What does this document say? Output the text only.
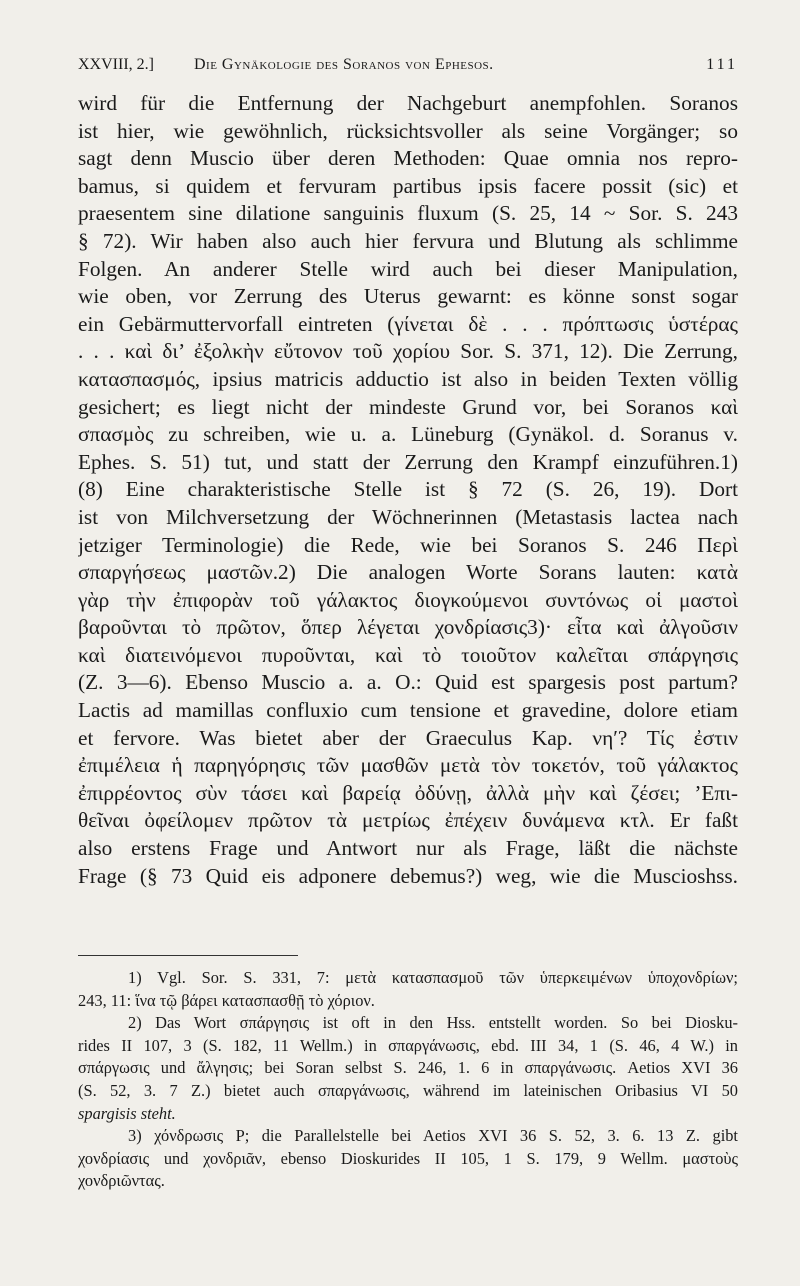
XXVIII, 2.]	Die Gynäkologie des Soranos von Ephesos.	111
wird für die Entfernung der Nachgeburt anempfohlen. Soranos
ist hier, wie gewöhnlich, rücksichtsvoller als seine Vorgänger; so
sagt denn Muscio über deren Methoden: Quae omnia nos repro-
bamus, si quidem et fervuram partibus ipsis facere possit (sic) et
praesentem sine dilatione sanguinis fluxum (S. 25, 14 ~ Sor. S. 243
§ 72). Wir haben also auch hier fervura und Blutung als schlimme
Folgen. An anderer Stelle wird auch bei dieser Manipulation,
wie oben, vor Zerrung des Uterus gewarnt: es könne sonst sogar
ein Gebärmuttervorfall eintreten (γίνεται δὲ . . . πρόπτωσις ὑστέρας
. . . καὶ δι’ ἐξολκὴν εὔτονον τοῦ χορίου Sor. S. 371, 12). Die Zerrung,
κατασπασμός, ipsius matricis adductio ist also in beiden Texten völlig
gesichert; es liegt nicht der mindeste Grund vor, bei Soranos καὶ
σπασμὸς zu schreiben, wie u. a. Lüneburg (Gynäkol. d. Soranus v.
Ephes. S. 51) tut, und statt der Zerrung den Krampf einzuführen.1)
(8) Eine charakteristische Stelle ist § 72 (S. 26, 19). Dort
ist von Milchversetzung der Wöchnerinnen (Metastasis lactea nach
jetziger Terminologie) die Rede, wie bei Soranos S. 246 Περὶ
σπαργήσεως μαστῶν.2) Die analogen Worte Sorans lauten: κατὰ
γὰρ τὴν ἐπιφορὰν τοῦ γάλακτος διογκούμενοι συντόνως οἱ μαστοὶ
βαροῦνται τὸ πρῶτον, ὅπερ λέγεται χονδρίασις3)· εἶτα καὶ ἀλγοῦσιν
καὶ διατεινόμενοι πυροῦνται, καὶ τὸ τοιοῦτον καλεῖται σπάργησις
(Z. 3—6). Ebenso Muscio a. a. O.: Quid est spargesis post partum?
Lactis ad mamillas confluxio cum tensione et gravedine, dolore etiam
et fervore. Was bietet aber der Graeculus Kap. νη′? Τίς ἐστιν
ἐπιμέλεια ἡ παρηγόρησις τῶν μασθῶν μετὰ τὸν τοκετόν, τοῦ γάλακτος
ἐπιρρέοντος σὺν τάσει καὶ βαρείᾳ ὀδύνῃ, ἀλλὰ μὴν καὶ ζέσει; ’Επι-
θεῖναι ὀφείλομεν πρῶτον τὰ μετρίως ἐπέχειν δυνάμενα κτλ. Er faßt
also erstens Frage und Antwort nur als Frage, läßt die nächste
Frage (§ 73 Quid eis adponere debemus?) weg, wie die Muscioshss.
1) Vgl. Sor. S. 331, 7: μετὰ κατασπασμοῦ τῶν ὑπερκειμένων ὑποχονδρίων;
243, 11: ἵνα τῷ βάρει κατασπασθῇ τὸ χόριον.
2) Das Wort σπάργησις ist oft in den Hss. entstellt worden. So bei Diosku-
rides II 107, 3 (S. 182, 11 Wellm.) in σπαργάνωσις, ebd. III 34, 1 (S. 46, 4 W.) in
σπάργωσις und ἄλγησις; bei Soran selbst S. 246, 1. 6 in σπαργάνωσις. Aetios XVI 36
(S. 52, 3. 7 Z.) bietet auch σπαργάνωσις, während im lateinischen Oribasius VI 50
spargisis steht.
3) χόνδρωσις P; die Parallelstelle bei Aetios XVI 36 S. 52, 3. 6. 13 Z. gibt
χονδρίασις und χονδριᾶν, ebenso Dioskurides II 105, 1 S. 179, 9 Wellm. μαστοὺς
χονδριῶντας.
